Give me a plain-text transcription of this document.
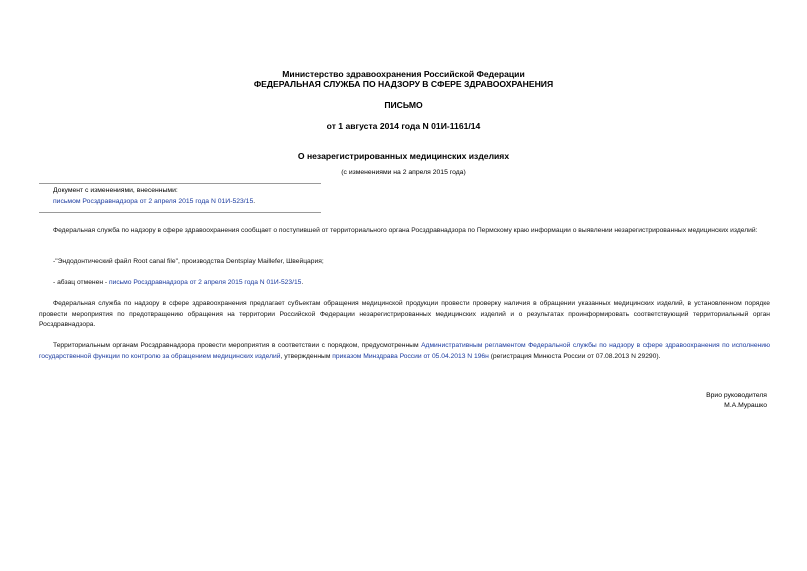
Министерство здравоохранения Российской Федерации
ФЕДЕРАЛЬНАЯ СЛУЖБА ПО НАДЗОРУ В СФЕРЕ ЗДРАВООХРАНЕНИЯ
ПИСЬМО
от 1 августа 2014 года N 01И-1161/14
О незарегистрированных медицинских изделиях
(с изменениями на 2 апреля 2015 года)
Документ с изменениями, внесенными:
письмом Росздравнадзора от 2 апреля 2015 года N 01И-523/15.
Федеральная служба по надзору в сфере здравоохранения сообщает о поступившей от территориального органа Росздравнадзора по Пермскому краю информации о выявлении незарегистрированных медицинских изделий:
-"Эндодонтический файл Root canal file", производства Dentsplay Maillefer, Швейцария;
- абзац отменен - письмо Росздравнадзора от 2 апреля 2015 года N 01И-523/15.
Федеральная служба по надзору в сфере здравоохранения предлагает субъектам обращения медицинской продукции провести проверку наличия в обращении указанных медицинских изделий, в установленном порядке провести мероприятия по предотвращению обращения на территории Российской Федерации незарегистрированных медицинских изделий и о результатах проинформировать соответствующий территориальный орган Росздравнадзора.
Территориальным органам Росздравнадзора провести мероприятия в соответствии с порядком, предусмотренным Административным регламентом Федеральной службы по надзору в сфере здравоохранения по исполнению государственной функции по контролю за обращением медицинских изделий, утвержденным приказом Минздрава России от 05.04.2013 N 196н (регистрация Минюста России от 07.08.2013 N 29290).
Врио руководителя
М.А.Мурашко
